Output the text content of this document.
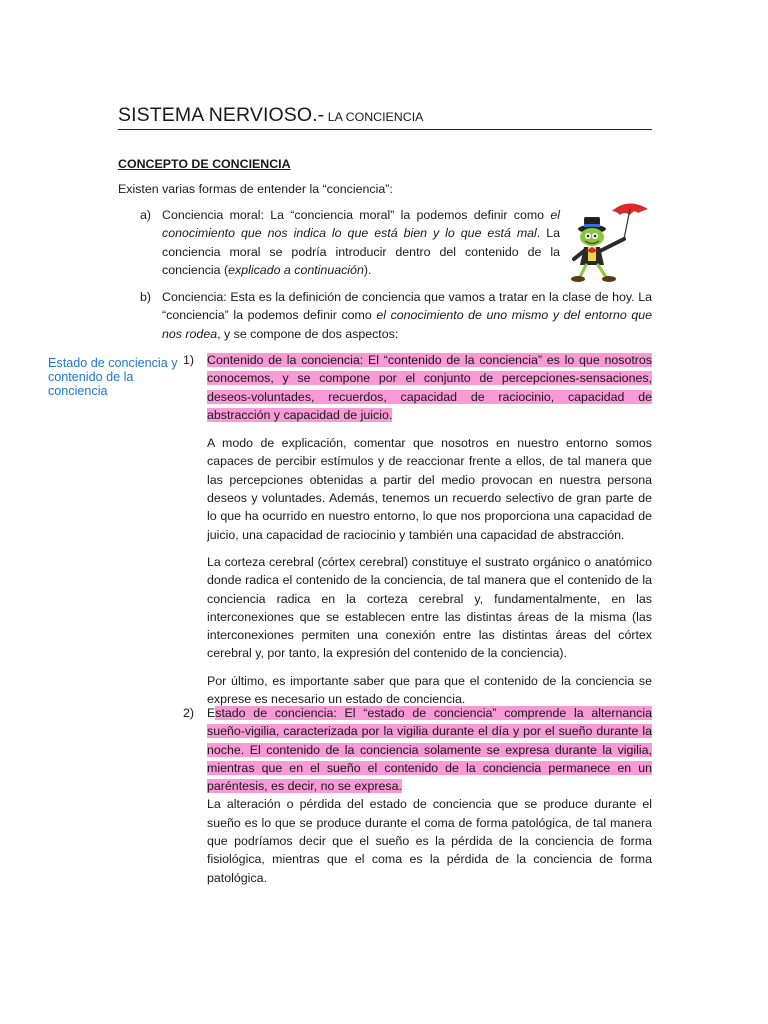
SISTEMA NERVIOSO.- LA CONCIENCIA
CONCEPTO DE CONCIENCIA
Existen varias formas de entender la “conciencia”:
a) Conciencia moral: La “conciencia moral” la podemos definir como el conocimiento que nos indica lo que está bien y lo que está mal. La conciencia moral se podría introducir dentro del contenido de la conciencia (explicado a continuación).
b) Conciencia: Esta es la definición de conciencia que vamos a tratar en la clase de hoy. La “conciencia” la podemos definir como el conocimiento de uno mismo y del entorno que nos rodea, y se compone de dos aspectos:
Estado de conciencia y contenido de la conciencia
1) Contenido de la conciencia: El “contenido de la conciencia” es lo que nosotros conocemos, y se compone por el conjunto de percepciones-sensaciones, deseos-voluntades, recuerdos, capacidad de raciocinio, capacidad de abstracción y capacidad de juicio.

A modo de explicación, comentar que nosotros en nuestro entorno somos capaces de percibir estímulos y de reaccionar frente a ellos, de tal manera que las percepciones obtenidas a partir del medio provocan en nuestra persona deseos y voluntades. Además, tenemos un recuerdo selectivo de gran parte de lo que ha ocurrido en nuestro entorno, lo que nos proporciona una capacidad de juicio, una capacidad de raciocinio y también una capacidad de abstracción.

La corteza cerebral (córtex cerebral) constituye el sustrato orgánico o anatómico donde radica el contenido de la conciencia, de tal manera que el contenido de la conciencia radica en la corteza cerebral y, fundamentalmente, en las interconexiones que se establecen entre las distintas áreas de la misma (las interconexiones permiten una conexión entre las distintas áreas del córtex cerebral y, por tanto, la expresión del contenido de la conciencia).

Por último, es importante saber que para que el contenido de la conciencia se exprese es necesario un estado de conciencia.

2) Estado de conciencia: El “estado de conciencia” comprende la alternancia sueño-vigilia, caracterizada por la vigilia durante el día y por el sueño durante la noche. El contenido de la conciencia solamente se expresa durante la vigilia, mientras que en el sueño el contenido de la conciencia permanece en un paréntesis, es decir, no se expresa.

La alteración o pérdida del estado de conciencia que se produce durante el sueño es lo que se produce durante el coma de forma patológica, de tal manera que podríamos decir que el sueño es la pérdida de la conciencia de forma fisiológica, mientras que el coma es la pérdida de la conciencia de forma patológica.
